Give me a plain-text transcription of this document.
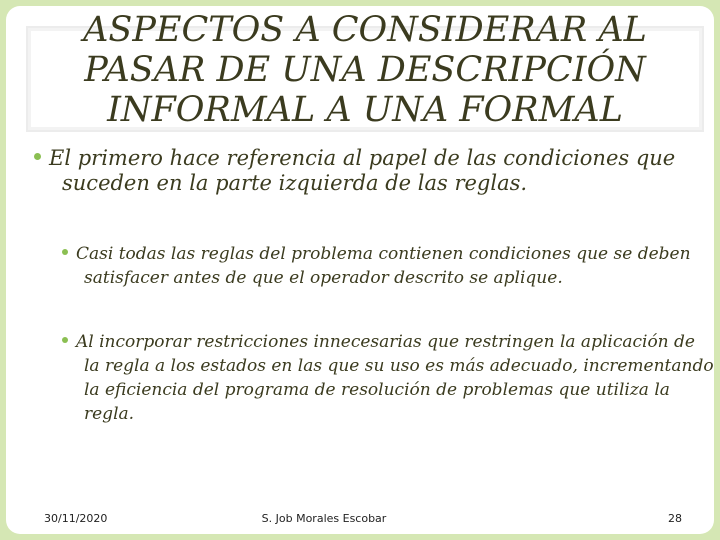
ASPECTOS A CONSIDERAR AL
PASAR DE UNA DESCRIPCIÓN
INFORMAL A UNA FORMAL

El primero hace referencia al papel de las condiciones que suceden en la parte izquierda de las reglas.

Casi todas las reglas del problema contienen condiciones que se deben satisfacer antes de que el operador descrito se aplique.

Al incorporar restricciones innecesarias que restringen la aplicación de la regla a los estados en las que su uso es más adecuado, incrementando la eficiencia del programa de resolución de problemas que utiliza la regla.

30/11/2020	S. Job Morales Escobar	28
